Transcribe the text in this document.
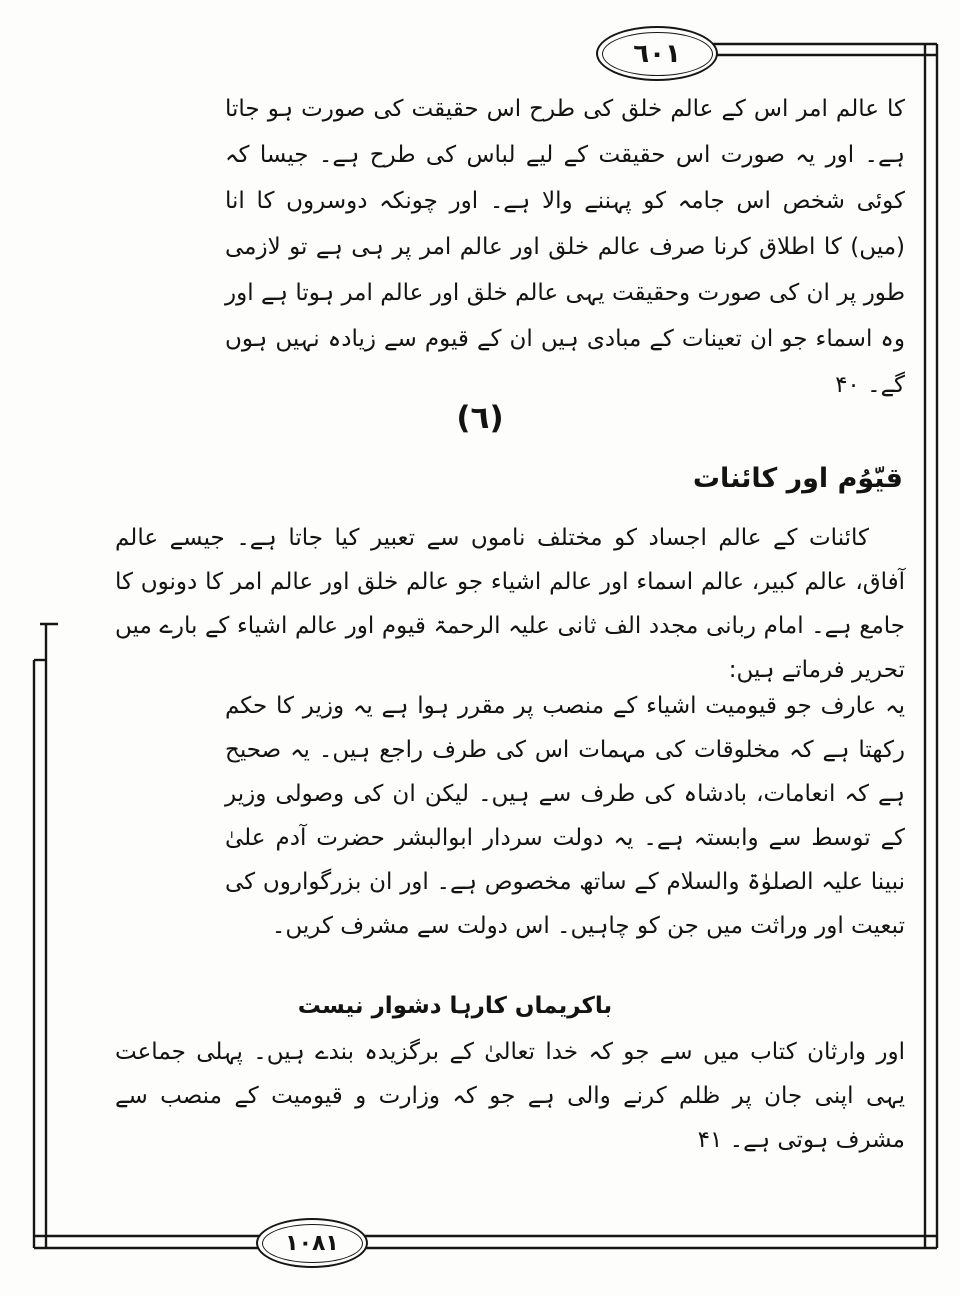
٦٠١
کا عالم امر اس کے عالم خلق کی طرح اس حقیقت کی صورت ہو جاتا ہے۔ اور یہ صورت اس حقیقت کے لیے لباس کی طرح ہے۔ جیسا کہ کوئی شخص اس جامہ کو پہننے والا ہے۔ اور چونکہ دوسروں کا انا (میں) کا اطلاق کرنا صرف عالم خلق اور عالم امر پر ہی ہے تو لازمی طور پر ان کی صورت وحقیقت یہی عالم خلق اور عالم امر ہوتا ہے اور وہ اسماء جو ان تعینات کے مبادی ہیں ان کے قیوم سے زیادہ نہیں ہوں گے۔ ۴۰
(٦)
قیّوُم اور کائنات
کائنات کے عالم اجساد کو مختلف ناموں سے تعبیر کیا جاتا ہے۔ جیسے عالم آفاق، عالم کبیر، عالم اسماء اور عالم اشیاء جو عالم خلق اور عالم امر کا دونوں کا جامع ہے۔ امام ربانی مجدد الف ثانی علیہ الرحمۃ قیوم اور عالم اشیاء کے بارے میں تحریر فرماتے ہیں:
یہ عارف جو قیومیت اشیاء کے منصب پر مقرر ہوا ہے یہ وزیر کا حکم رکھتا ہے کہ مخلوقات کی مہمات اس کی طرف راجع ہیں۔ یہ صحیح ہے کہ انعامات، بادشاہ کی طرف سے ہیں۔ لیکن ان کی وصولی وزیر کے توسط سے وابستہ ہے۔ یہ دولت سردار ابوالبشر حضرت آدم علیٰ نبینا علیہ الصلوٰۃ والسلام کے ساتھ مخصوص ہے۔ اور ان بزرگواروں کی تبعیت اور وراثت میں جن کو چاہیں۔ اس دولت سے مشرف کریں۔
باکریماں کارہا دشوار نیست
اور وارثان کتاب میں سے جو کہ خدا تعالیٰ کے برگزیدہ بندے ہیں۔ پہلی جماعت یہی اپنی جان پر ظلم کرنے والی ہے جو کہ وزارت و قیومیت کے منصب سے مشرف ہوتی ہے۔ ۴۱
١٠٨١
